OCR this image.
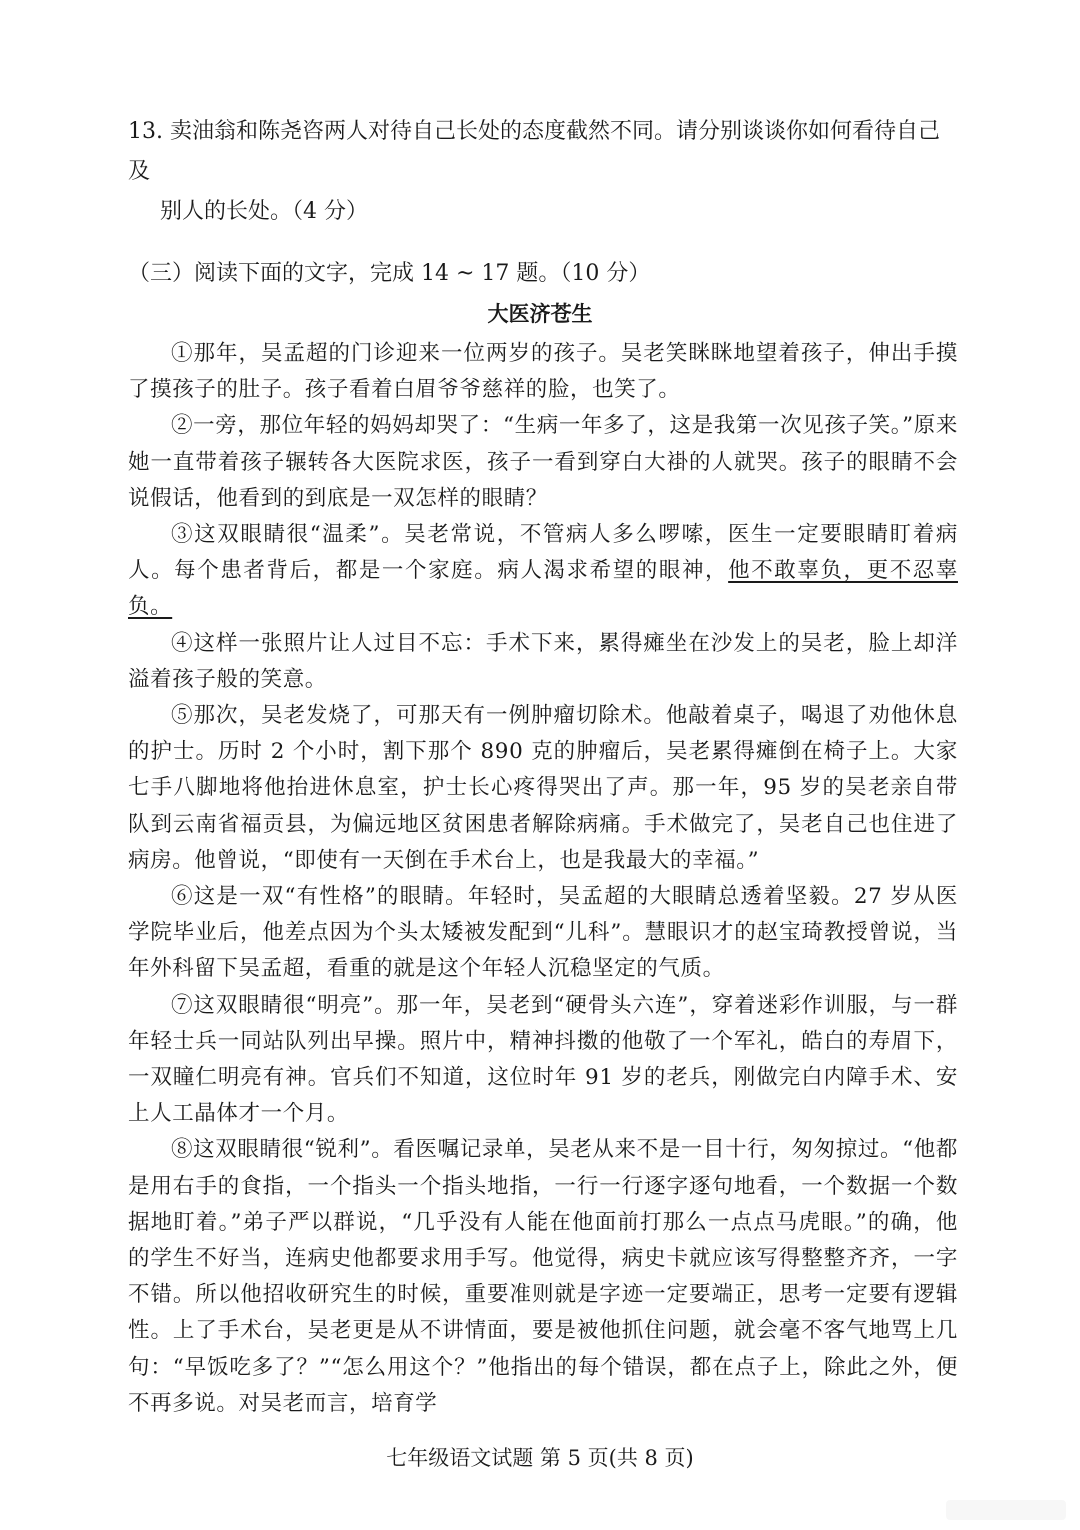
13. 卖油翁和陈尧咨两人对待自己长处的态度截然不同。请分别谈谈你如何看待自己及
别人的长处。（4 分）
（三）阅读下面的文字，完成 14 ~ 17 题。（10 分）
大医济苍生

①那年，吴孟超的门诊迎来一位两岁的孩子。吴老笑眯眯地望着孩子，伸出手摸了摸孩子的肚子。孩子看着白眉爷爷慈祥的脸，也笑了。

②一旁，那位年轻的妈妈却哭了：“生病一年多了，这是我第一次见孩子笑。”原来她一直带着孩子辗转各大医院求医，孩子一看到穿白大褂的人就哭。孩子的眼睛不会说假话，他看到的到底是一双怎样的眼睛？

③这双眼睛很“温柔”。吴老常说，不管病人多么啰嗦，医生一定要眼睛盯着病人。每个患者背后，都是一个家庭。病人渴求希望的眼神，他不敢辜负，更不忍辜负。

④这样一张照片让人过目不忘：手术下来，累得瘫坐在沙发上的吴老，脸上却洋溢着孩子般的笑意。

⑤那次，吴老发烧了，可那天有一例肿瘤切除术。他敲着桌子，喝退了劝他休息的护士。历时 2 个小时，割下那个 890 克的肿瘤后，吴老累得瘫倒在椅子上。大家七手八脚地将他抬进休息室，护士长心疼得哭出了声。那一年，95 岁的吴老亲自带队到云南省福贡县，为偏远地区贫困患者解除病痛。手术做完了，吴老自己也住进了病房。他曾说，“即使有一天倒在手术台上，也是我最大的幸福。”

⑥这是一双“有性格”的眼睛。年轻时，吴孟超的大眼睛总透着坚毅。27 岁从医学院毕业后，他差点因为个头太矮被发配到“儿科”。慧眼识才的赵宝琦教授曾说，当年外科留下吴孟超，看重的就是这个年轻人沉稳坚定的气质。

⑦这双眼睛很“明亮”。那一年，吴老到“硬骨头六连”，穿着迷彩作训服，与一群年轻士兵一同站队列出早操。照片中，精神抖擞的他敬了一个军礼，皓白的寿眉下，一双瞳仁明亮有神。官兵们不知道，这位时年 91 岁的老兵，刚做完白内障手术、安上人工晶体才一个月。

⑧这双眼睛很“锐利”。看医嘱记录单，吴老从来不是一目十行，匆匆掠过。“他都是用右手的食指，一个指头一个指头地指，一行一行逐字逐句地看，一个数据一个数据地盯着。”弟子严以群说，“几乎没有人能在他面前打那么一点点马虎眼。”的确，他的学生不好当，连病史他都要求用手写。他觉得，病史卡就应该写得整整齐齐，一字不错。所以他招收研究生的时候，重要准则就是字迹一定要端正，思考一定要有逻辑性。上了手术台，吴老更是从不讲情面，要是被他抓住问题，就会毫不客气地骂上几句：“早饭吃多了？”“怎么用这个？”他指出的每个错误，都在点子上，除此之外，便不再多说。对吴老而言，培育学

七年级语文试题 第 5 页(共 8 页)
